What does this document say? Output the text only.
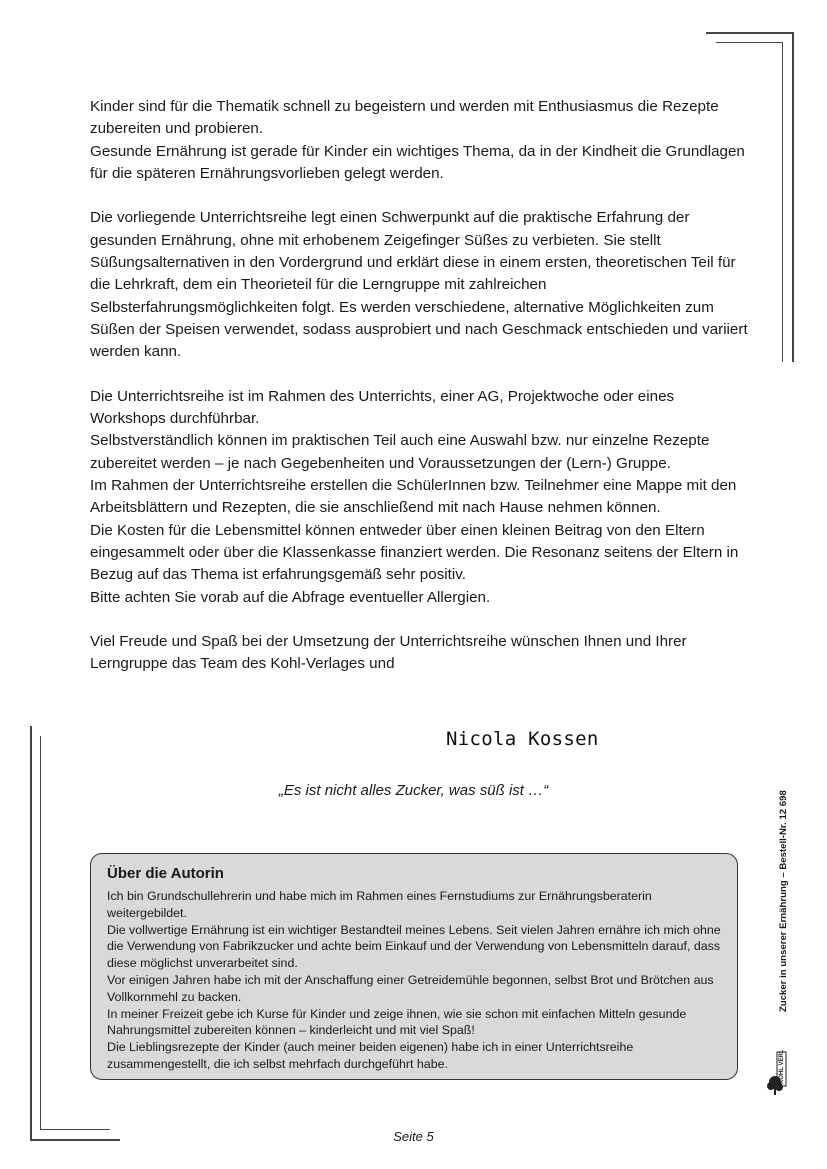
Kinder sind für die Thematik schnell zu begeistern und werden mit Enthusiasmus die Rezepte zubereiten und probieren.

Gesunde Ernährung ist gerade für Kinder ein wichtiges Thema, da in der Kindheit die Grundlagen für die späteren Ernährungsvorlieben gelegt werden.

Die vorliegende Unterrichtsreihe legt einen Schwerpunkt auf die praktische Erfahrung der gesunden Ernährung, ohne mit erhobenem Zeigefinger Süßes zu verbieten. Sie stellt Süßungsalternativen in den Vordergrund und erklärt diese in einem ersten, theoretischen Teil für die Lehrkraft, dem ein Theorieteil für die Lerngruppe mit zahlreichen Selbsterfahrungsmöglichkeiten folgt. Es werden verschiedene, alternative Möglichkeiten zum Süßen der Speisen verwendet, sodass ausprobiert und nach Geschmack entschieden und variiert werden kann.

Die Unterrichtsreihe ist im Rahmen des Unterrichts, einer AG, Projektwoche oder eines Workshops durchführbar.

Selbstverständlich können im praktischen Teil auch eine Auswahl bzw. nur einzelne Rezepte zubereitet werden – je nach Gegebenheiten und Voraussetzungen der (Lern-) Gruppe.

Im Rahmen der Unterrichtsreihe erstellen die SchülerInnen bzw. Teilnehmer eine Mappe mit den Arbeitsblättern und Rezepten, die sie anschließend mit nach Hause nehmen können.

Die Kosten für die Lebensmittel können entweder über einen kleinen Beitrag von den Eltern eingesammelt oder über die Klassenkasse finanziert werden. Die Resonanz seitens der Eltern in Bezug auf das Thema ist erfahrungsgemäß sehr positiv.

Bitte achten Sie vorab auf die Abfrage eventueller Allergien.

Viel Freude und Spaß bei der Umsetzung der Unterrichtsreihe wünschen Ihnen und Ihrer Lerngruppe das Team des Kohl-Verlages und

Nicola Kossen
„Es ist nicht alles Zucker, was süß ist …“
Über die Autorin

Ich bin Grundschullehrerin und habe mich im Rahmen eines Fernstudiums zur Ernährungsberaterin weitergebildet.

Die vollwertige Ernährung ist ein wichtiger Bestandteil meines Lebens. Seit vielen Jahren ernähre ich mich ohne die Verwendung von Fabrikzucker und achte beim Einkauf und der Verwendung von Lebensmitteln darauf, dass diese möglichst unverarbeitet sind.

Vor einigen Jahren habe ich mit der Anschaffung einer Getreidemühle begonnen, selbst Brot und Brötchen aus Vollkornmehl zu backen.

In meiner Freizeit gebe ich Kurse für Kinder und zeige ihnen, wie sie schon mit einfachen Mitteln gesunde Nahrungsmittel zubereiten können – kinderleicht und mit viel Spaß!

Die Lieblingsrezepte der Kinder (auch meiner beiden eigenen) habe ich in einer Unterrichtsreihe zusammengestellt, die ich selbst mehrfach durchgeführt habe.

Zucker in unserer Ernährung – Bestell-Nr. 12 698
KOHL VERLAG
Seite 5
